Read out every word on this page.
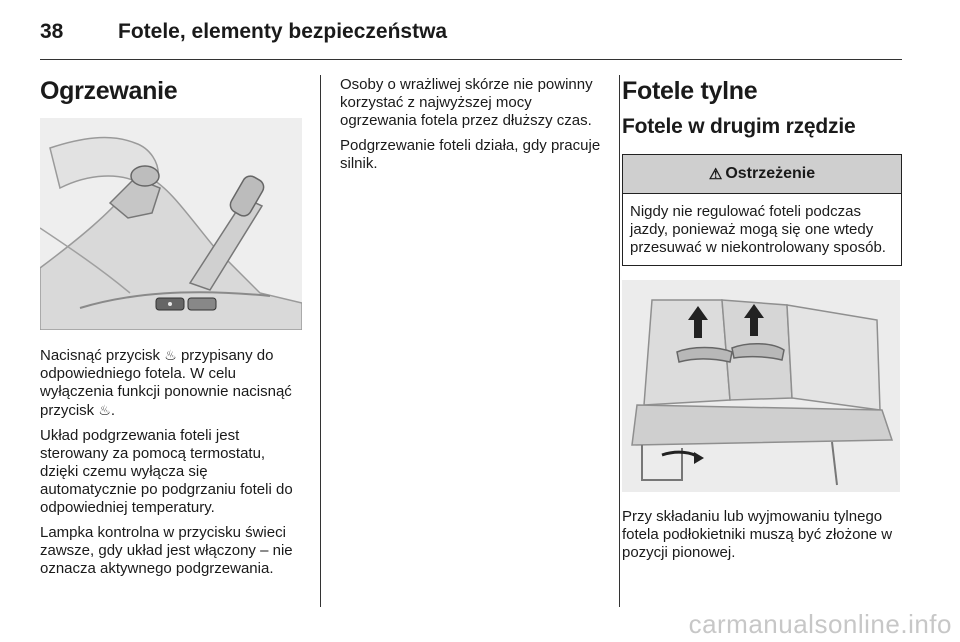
38	Fotele, elementy bezpieczeństwa
Ogrzewanie

Nacisnąć przycisk ♨ przypisany do odpowiedniego fotela. W celu wyłączenia funkcji ponownie nacisnąć przycisk ♨.

Układ podgrzewania foteli jest sterowany za pomocą termostatu, dzięki czemu wyłącza się automatycznie po podgrzaniu foteli do odpowiedniej temperatury.

Lampka kontrolna w przycisku świeci zawsze, gdy układ jest włączony – nie oznacza aktywnego podgrzewania.

Osoby o wrażliwej skórze nie powinny korzystać z najwyższej mocy ogrzewania fotela przez dłuższy czas.

Podgrzewanie foteli działa, gdy pracuje silnik.

Fotele tylne
Fotele w drugim rzędzie
⚠ Ostrzeżenie

Nigdy nie regulować foteli podczas jazdy, ponieważ mogą się one wtedy przesuwać w niekontrolowany sposób.

Przy składaniu lub wyjmowaniu tylnego fotela podłokietniki muszą być złożone w pozycji pionowej.

carmanualsonline.info
